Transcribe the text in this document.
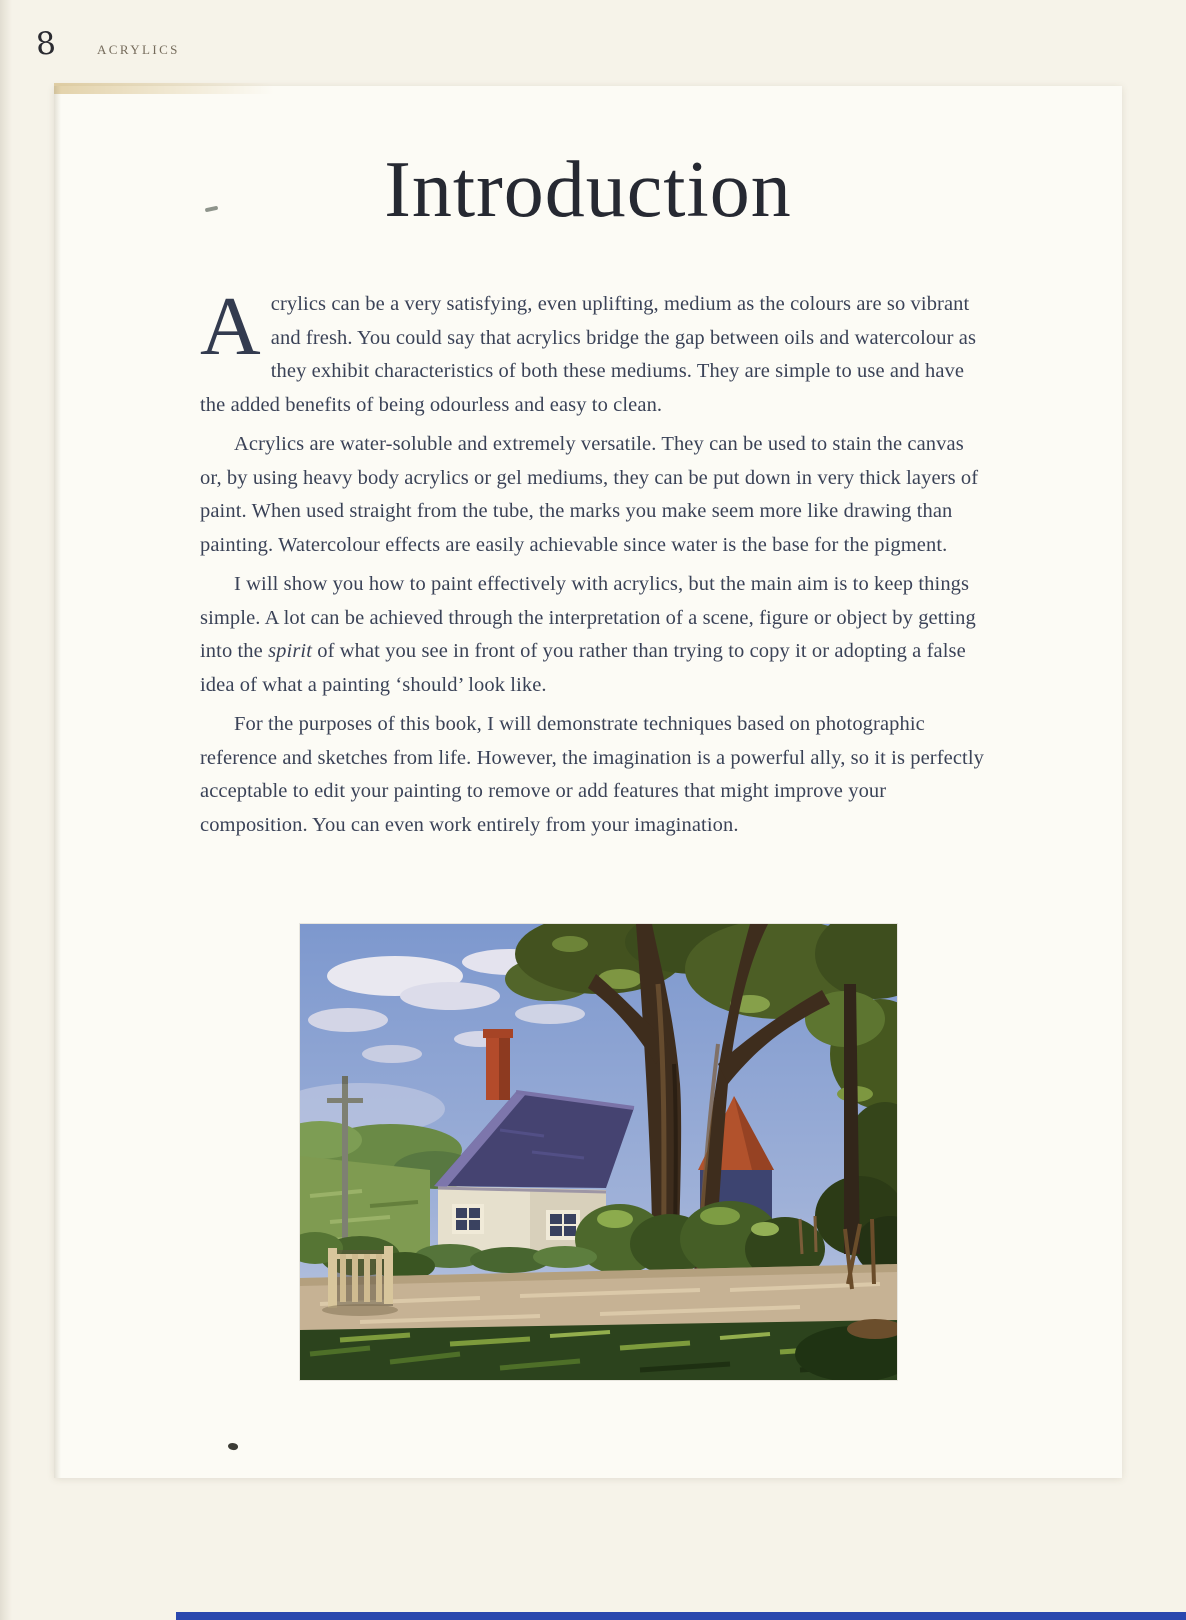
8	ACRYLICS
Introduction

Acrylics can be a very satisfying, even uplifting, medium as the colours are so vibrant and fresh. You could say that acrylics bridge the gap between oils and watercolour as they exhibit characteristics of both these mediums. They are simple to use and have the added benefits of being odourless and easy to clean.

Acrylics are water-soluble and extremely versatile. They can be used to stain the canvas or, by using heavy body acrylics or gel mediums, they can be put down in very thick layers of paint. When used straight from the tube, the marks you make seem more like drawing than painting. Watercolour effects are easily achievable since water is the base for the pigment.

I will show you how to paint effectively with acrylics, but the main aim is to keep things simple. A lot can be achieved through the interpretation of a scene, figure or object by getting into the spirit of what you see in front of you rather than trying to copy it or adopting a false idea of what a painting ‘should’ look like.

For the purposes of this book, I will demonstrate techniques based on photographic reference and sketches from life. However, the imagination is a powerful ally, so it is perfectly acceptable to edit your painting to remove or add features that might improve your composition. You can even work entirely from your imagination.
